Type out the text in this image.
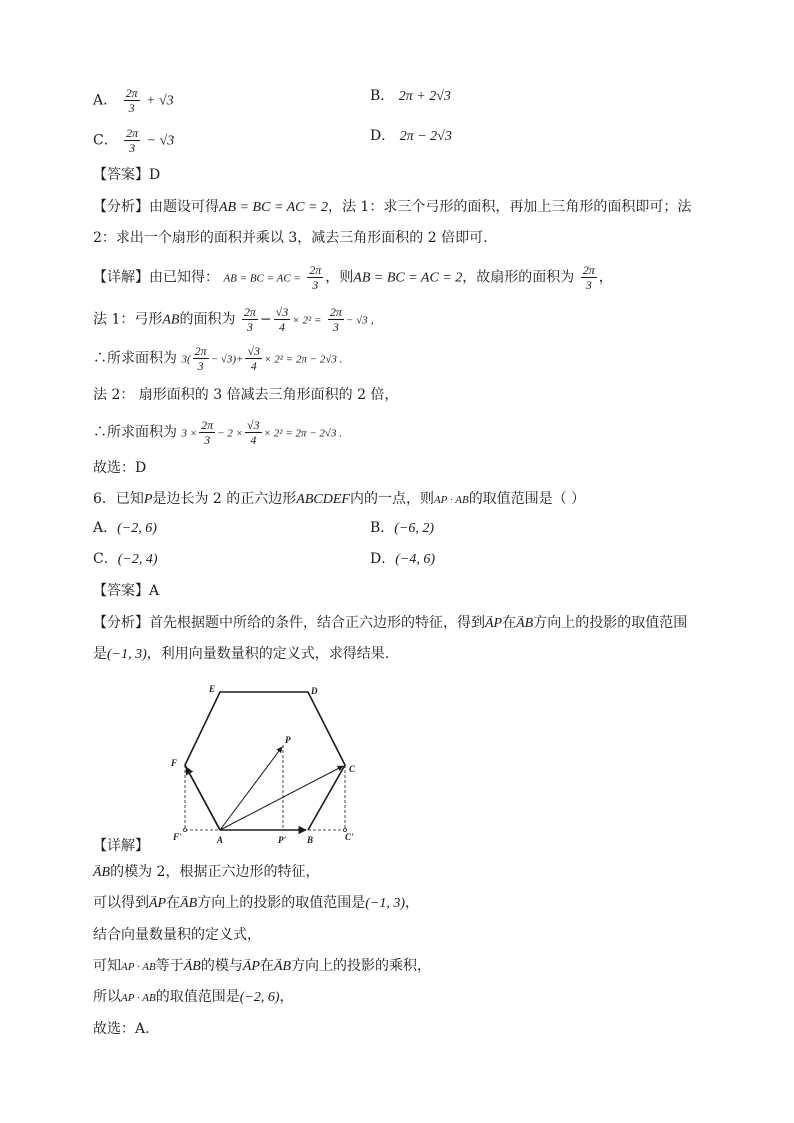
A． $\frac{2\pi}{3} + √3$	B． 2π + 2√3
C． $\frac{2\pi}{3} - √3$	D． 2π − 2√3
【答案】D
【分析】由题设可得AB = BC = AC = 2，法 1：求三个弓形的面积，再加上三角形的面积即可；法
2：求出一个扇形的面积并乘以 3，减去三角形面积的 2 倍即可.
【详解】由已知得： AB = BC = AC = $\frac{2\pi}{3}$ ，则AB = BC = AC = 2，故扇形的面积为 $\frac{2\pi}{3}$ ，
法 1：弓形AB的面积为 $\frac{2\pi}{3} - \frac{√3}{4} \times 2^2 = \frac{2\pi}{3} - √3$ ，
∴所求面积为 $3( \frac{2\pi}{3} - √3)+ \frac{√3}{4} \times 2^2 = 2\pi - 2√3$ .
法 2： 扇形面积的 3 倍减去三角形面积的 2 倍，
∴所求面积为 $3 \times \frac{2\pi}{3} - 2 \times \frac{√3}{4} \times 2^2 = 2\pi - 2√3$ .
故选：D
6．已知P是边长为 2 的正六边形ABCDEF内的一点，则AP · AB的取值范围是（ ）
A．(−2, 6)	B．(−6, 2)
C．(−2, 4)	D．(−4, 6)
【答案】A
【分析】首先根据题中所给的条件，结合正六边形的特征，得到→ AP在→ AB方向上的投影的取值范围
是(−1, 3)，利用向量数量积的定义式，求得结果.
E	D
P
F
C
F'	A	P' B	C'
【详解】
→ AB的模为 2，根据正六边形的特征，
可以得到→ AP在→ AB方向上的投影的取值范围是(−1, 3)，
结合向量数量积的定义式，
可知AP · AB等于→ AB的模与→ AP在→ AB方向上的投影的乘积，
所以AP · AB的取值范围是(−2, 6)，
故选：A.
